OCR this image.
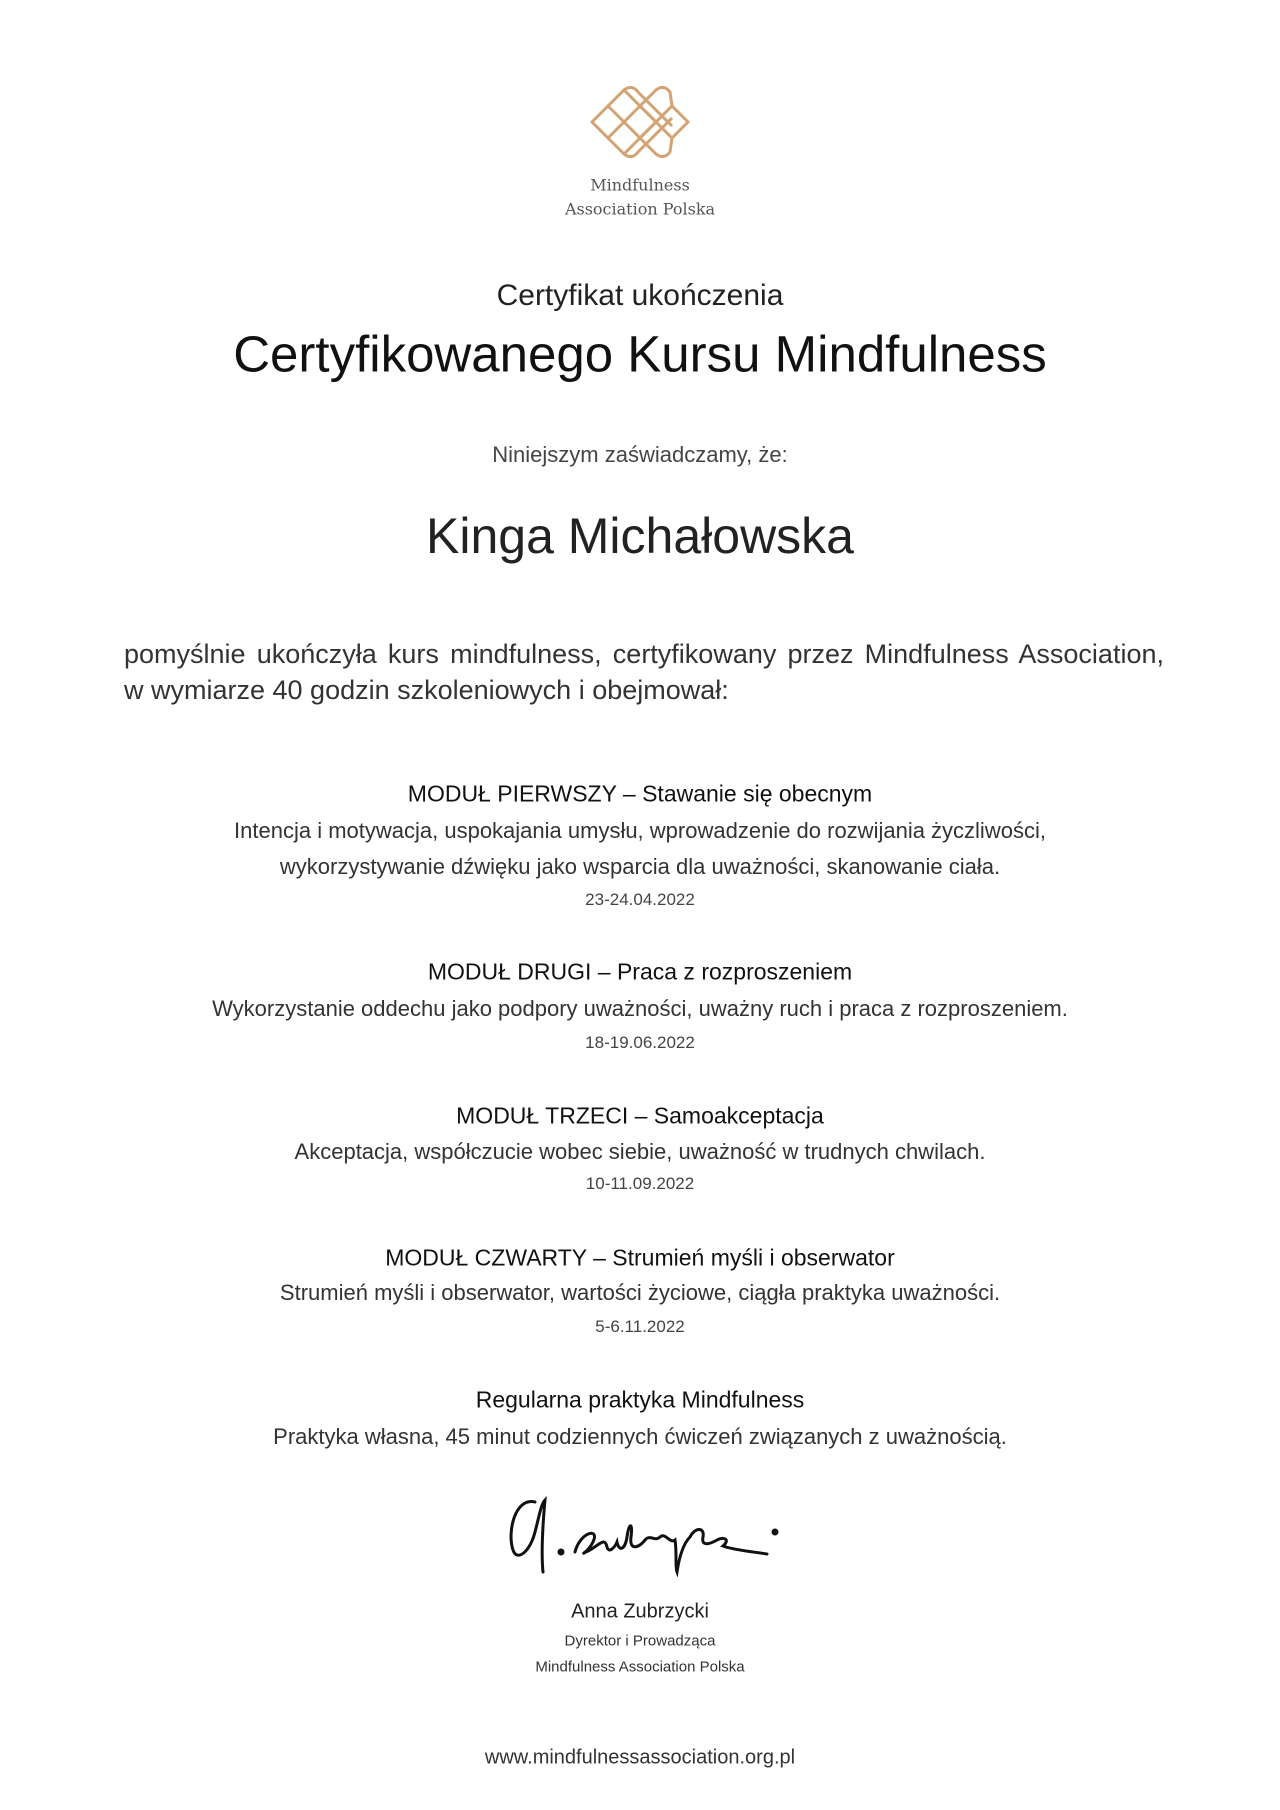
Mindfulness
Association Polska
Certyfikat ukończenia
Certyfikowanego Kursu Mindfulness
Niniejszym zaświadczamy, że:
Kinga Michałowska
pomyślnie ukończyła kurs mindfulness, certyfikowany przez Mindfulness Association, w wymiarze 40 godzin szkoleniowych i obejmował:
MODUŁ PIERWSZY – Stawanie się obecnym
Intencja i motywacja, uspokajania umysłu, wprowadzenie do rozwijania życzliwości,
wykorzystywanie dźwięku jako wsparcia dla uważności, skanowanie ciała.
23-24.04.2022
MODUŁ DRUGI – Praca z rozproszeniem
Wykorzystanie oddechu jako podpory uważności, uważny ruch i praca z rozproszeniem.
18-19.06.2022
MODUŁ TRZECI – Samoakceptacja
Akceptacja, współczucie wobec siebie, uważność w trudnych chwilach.
10-11.09.2022
MODUŁ CZWARTY – Strumień myśli i obserwator
Strumień myśli i obserwator, wartości życiowe, ciągła praktyka uważności.
5-6.11.2022
Regularna praktyka Mindfulness
Praktyka własna, 45 minut codziennych ćwiczeń związanych z uważnością.
Anna Zubrzycki
Dyrektor i Prowadząca
Mindfulness Association Polska
www.mindfulnessassociation.org.pl
